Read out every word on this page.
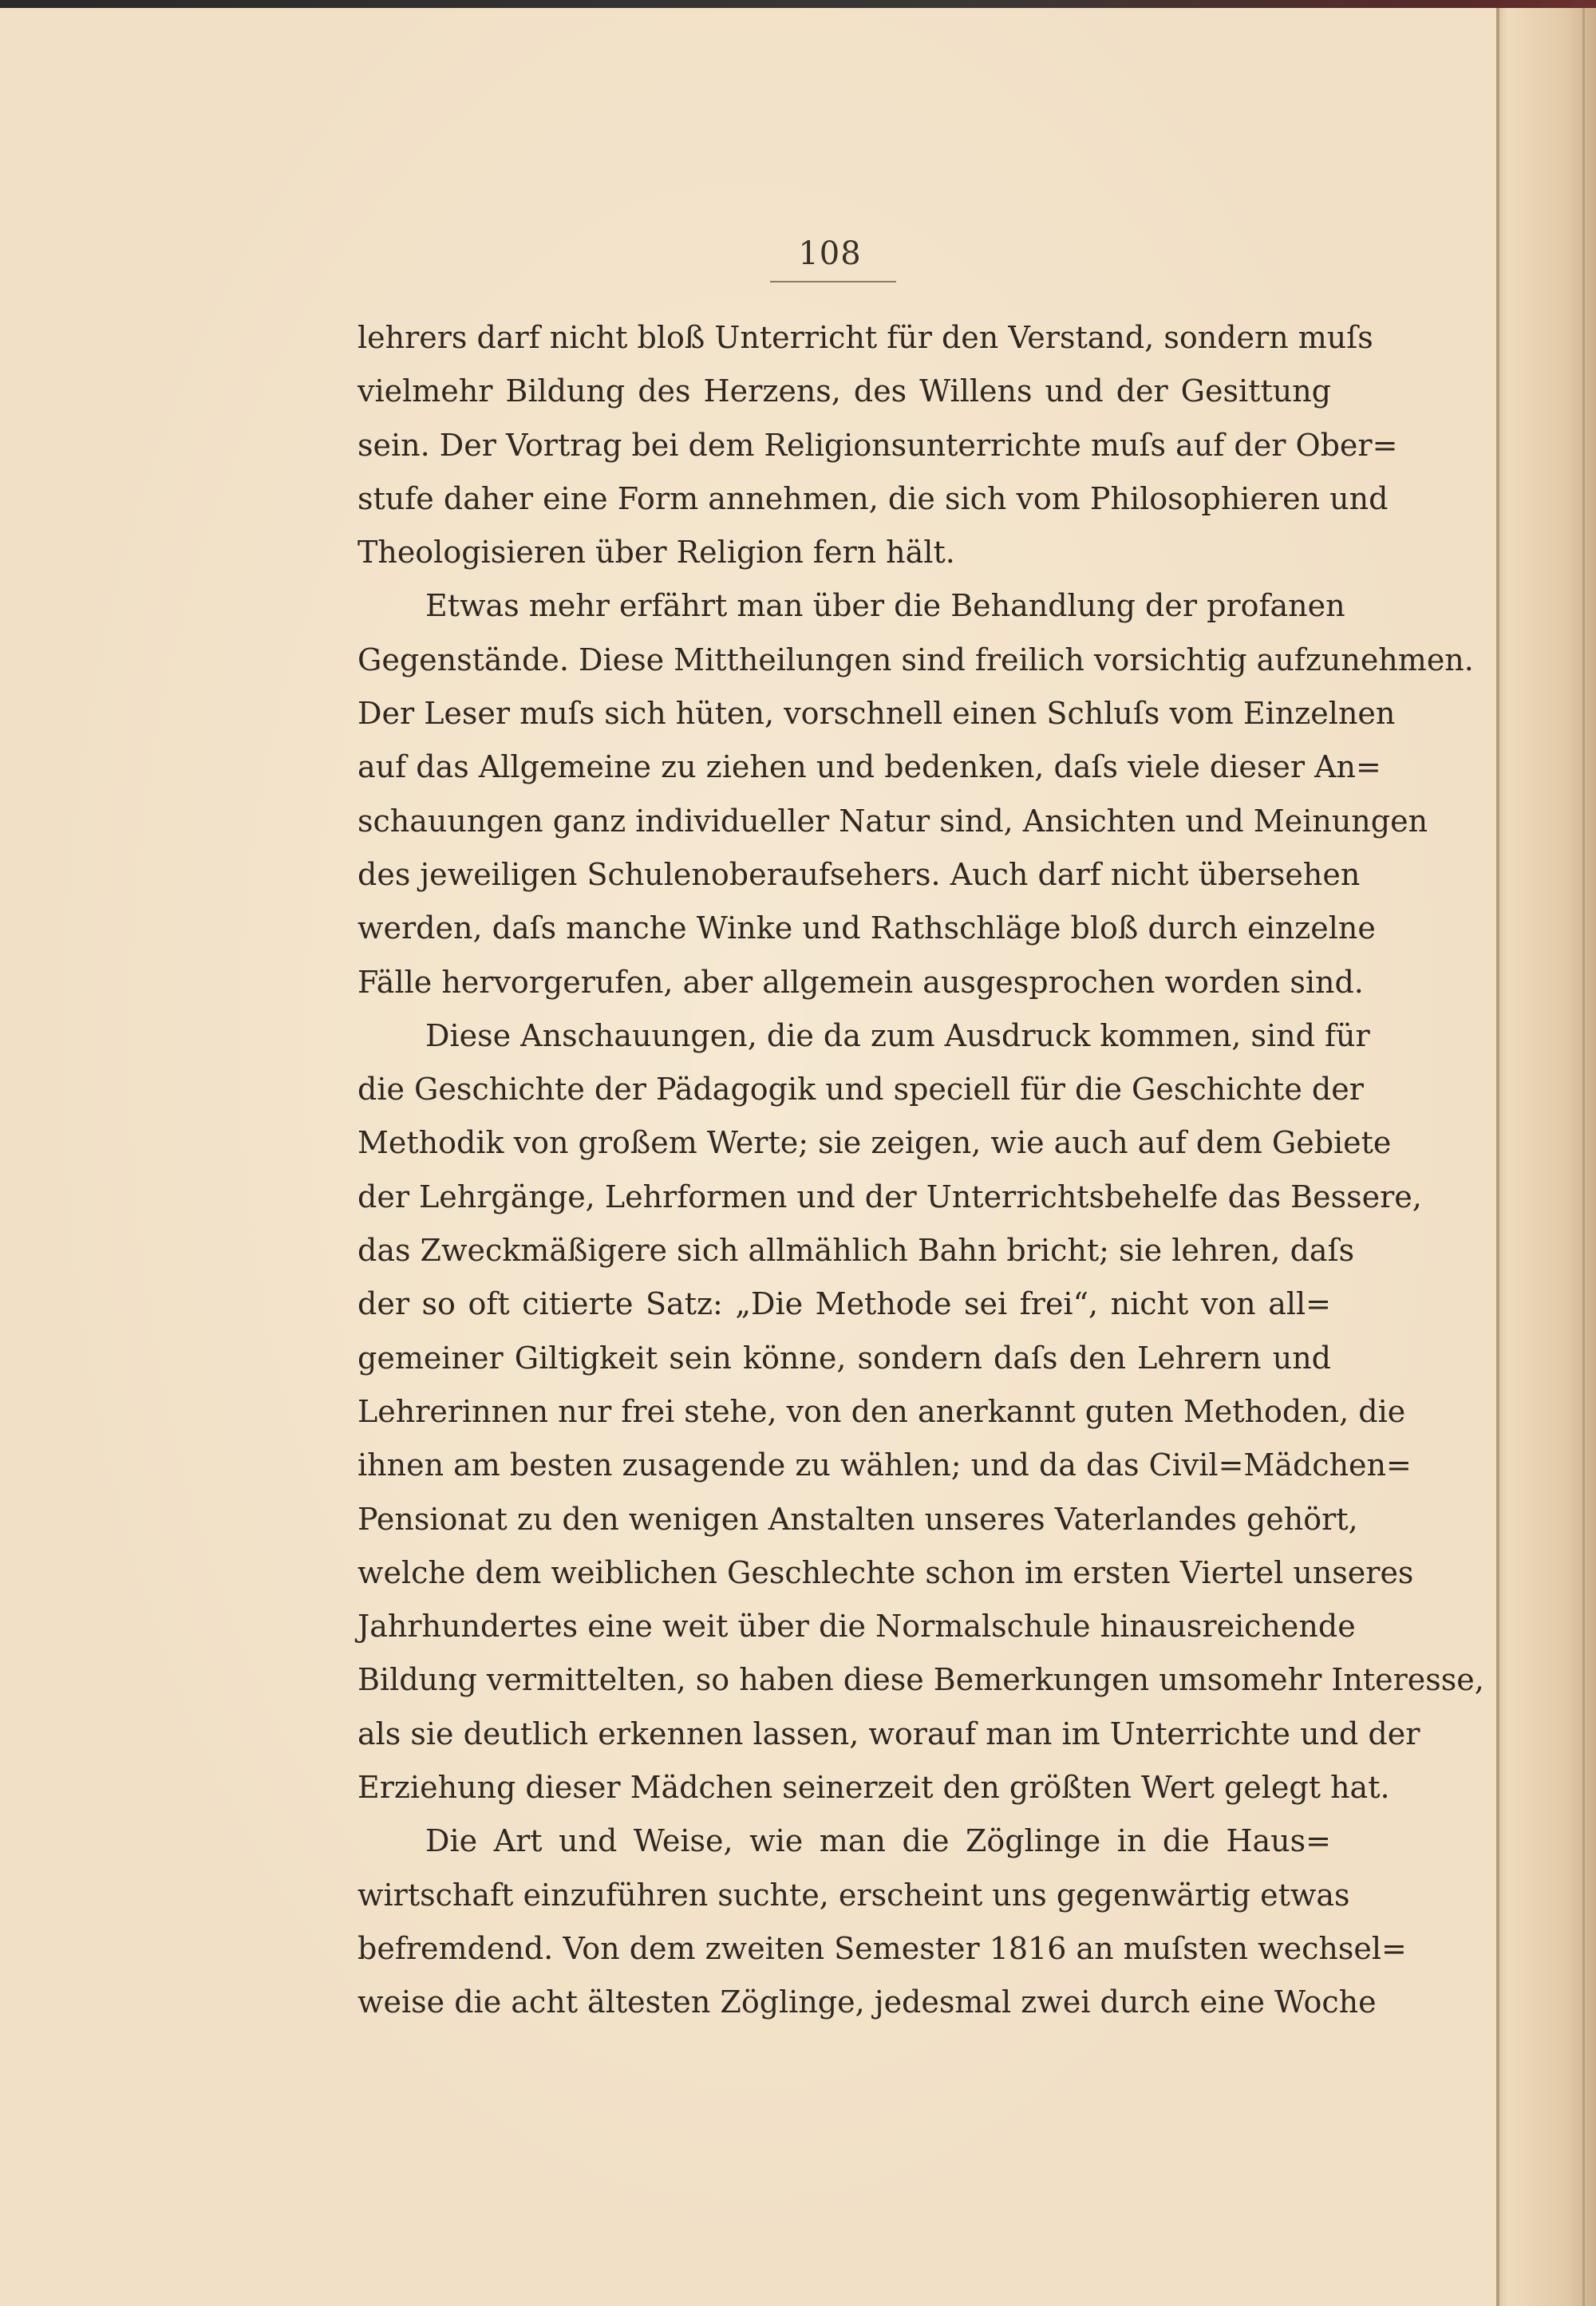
108
lehrers darf nicht bloß Unterricht für den Verstand, sondern muſs
vielmehr Bildung des Herzens, des Willens und der Gesittung
sein. Der Vortrag bei dem Religionsunterrichte muſs auf der Ober=
stufe daher eine Form annehmen, die sich vom Philosophieren und
Theologisieren über Religion fern hält.
Etwas mehr erfährt man über die Behandlung der profanen
Gegenstände. Diese Mittheilungen sind freilich vorsichtig aufzunehmen.
Der Leser muſs sich hüten, vorschnell einen Schluſs vom Einzelnen
auf das Allgemeine zu ziehen und bedenken, daſs viele dieser An=
schauungen ganz individueller Natur sind, Ansichten und Meinungen
des jeweiligen Schulenoberaufsehers. Auch darf nicht übersehen
werden, daſs manche Winke und Rathschläge bloß durch einzelne
Fälle hervorgerufen, aber allgemein ausgesprochen worden sind.
Diese Anschauungen, die da zum Ausdruck kommen, sind für
die Geschichte der Pädagogik und speciell für die Geschichte der
Methodik von großem Werte; sie zeigen, wie auch auf dem Gebiete
der Lehrgänge, Lehrformen und der Unterrichtsbehelfe das Bessere,
das Zweckmäßigere sich allmählich Bahn bricht; sie lehren, daſs
der so oft citierte Satz: „Die Methode sei frei“, nicht von all=
gemeiner Giltigkeit sein könne, sondern daſs den Lehrern und
Lehrerinnen nur frei stehe, von den anerkannt guten Methoden, die
ihnen am besten zusagende zu wählen; und da das Civil=Mädchen=
Pensionat zu den wenigen Anstalten unseres Vaterlandes gehört,
welche dem weiblichen Geschlechte schon im ersten Viertel unseres
Jahrhundertes eine weit über die Normalschule hinausreichende
Bildung vermittelten, so haben diese Bemerkungen umsomehr Interesse,
als sie deutlich erkennen lassen, worauf man im Unterrichte und der
Erziehung dieser Mädchen seinerzeit den größten Wert gelegt hat.
Die Art und Weise, wie man die Zöglinge in die Haus=
wirtschaft einzuführen suchte, erscheint uns gegenwärtig etwas
befremdend. Von dem zweiten Semester 1816 an muſsten wechsel=
weise die acht ältesten Zöglinge, jedesmal zwei durch eine Woche
